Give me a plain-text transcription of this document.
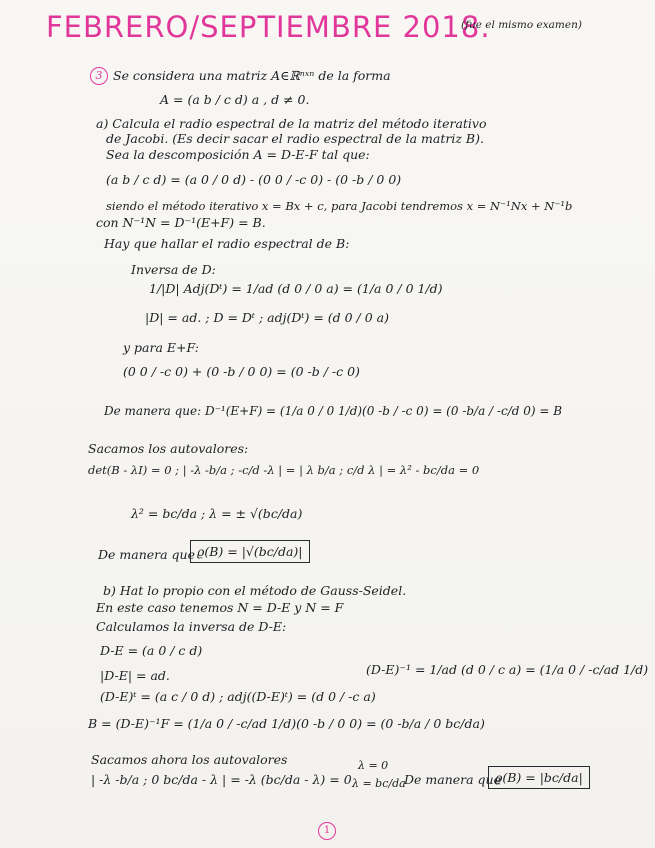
FEBRERO/SEPTIEMBRE 2018.
(fue el mismo examen)
3 Se considera una matriz A∈ℝⁿˣⁿ de la forma
A = (a b / c d) a , d ≠ 0.
a) Calcula el radio espectral de la matriz del método iterativo
de Jacobi. (Es decir sacar el radio espectral de la matriz B).
Sea la descomposición A = D-E-F tal que:
(a b / c d) = (a 0 / 0 d) - (0 0 / -c 0) - (0 -b / 0 0)
siendo el método iterativo x = Bx + c, para Jacobi tendremos x = N⁻¹Nx + N⁻¹b
con N⁻¹N = D⁻¹(E+F) = B.
Hay que hallar el radio espectral de B:
Inversa de D:
1/|D| Adj(Dᵗ) = 1/ad (d 0 / 0 a) = (1/a 0 / 0 1/d)
|D| = ad. ; D = Dᵗ ; adj(Dᵗ) = (d 0 / 0 a)
y para E+F:
(0 0 / -c 0) + (0 -b / 0 0) = (0 -b / -c 0)
De manera que: D⁻¹(E+F) = (1/a 0 / 0 1/d)(0 -b / -c 0) = (0 -b/a / -c/d 0) = B
Sacamos los autovalores:
det(B - λI) = 0 ; | -λ -b/a ; -c/d -λ | = | λ b/a ; c/d λ | = λ² - bc/da = 0
λ² = bc/da ; λ = ± √(bc/da)
De manera que ϱ(B) = |√(bc/da)|
b) Hat lo propio con el método de Gauss-Seidel.
En este caso tenemos N = D-E y N = F
Calculamos la inversa de D-E:
D-E = (a 0 / c d)
|D-E| = ad.
(D-E)ᵗ = (a c / 0 d) ; adj((D-E)ᵗ) = (d 0 / -c a)
(D-E)⁻¹ = 1/ad (d 0 / c a) = (1/a 0 / -c/ad 1/d)
B = (D-E)⁻¹F = (1/a 0 / -c/ad 1/d)(0 -b / 0 0) = (0 -b/a / 0 bc/da)
Sacamos ahora los autovalores
| -λ -b/a ; 0 bc/da - λ | = -λ (bc/da - λ) = 0
λ = 0
λ = bc/da
De manera que
ϱ(B) = |bc/da|
1
